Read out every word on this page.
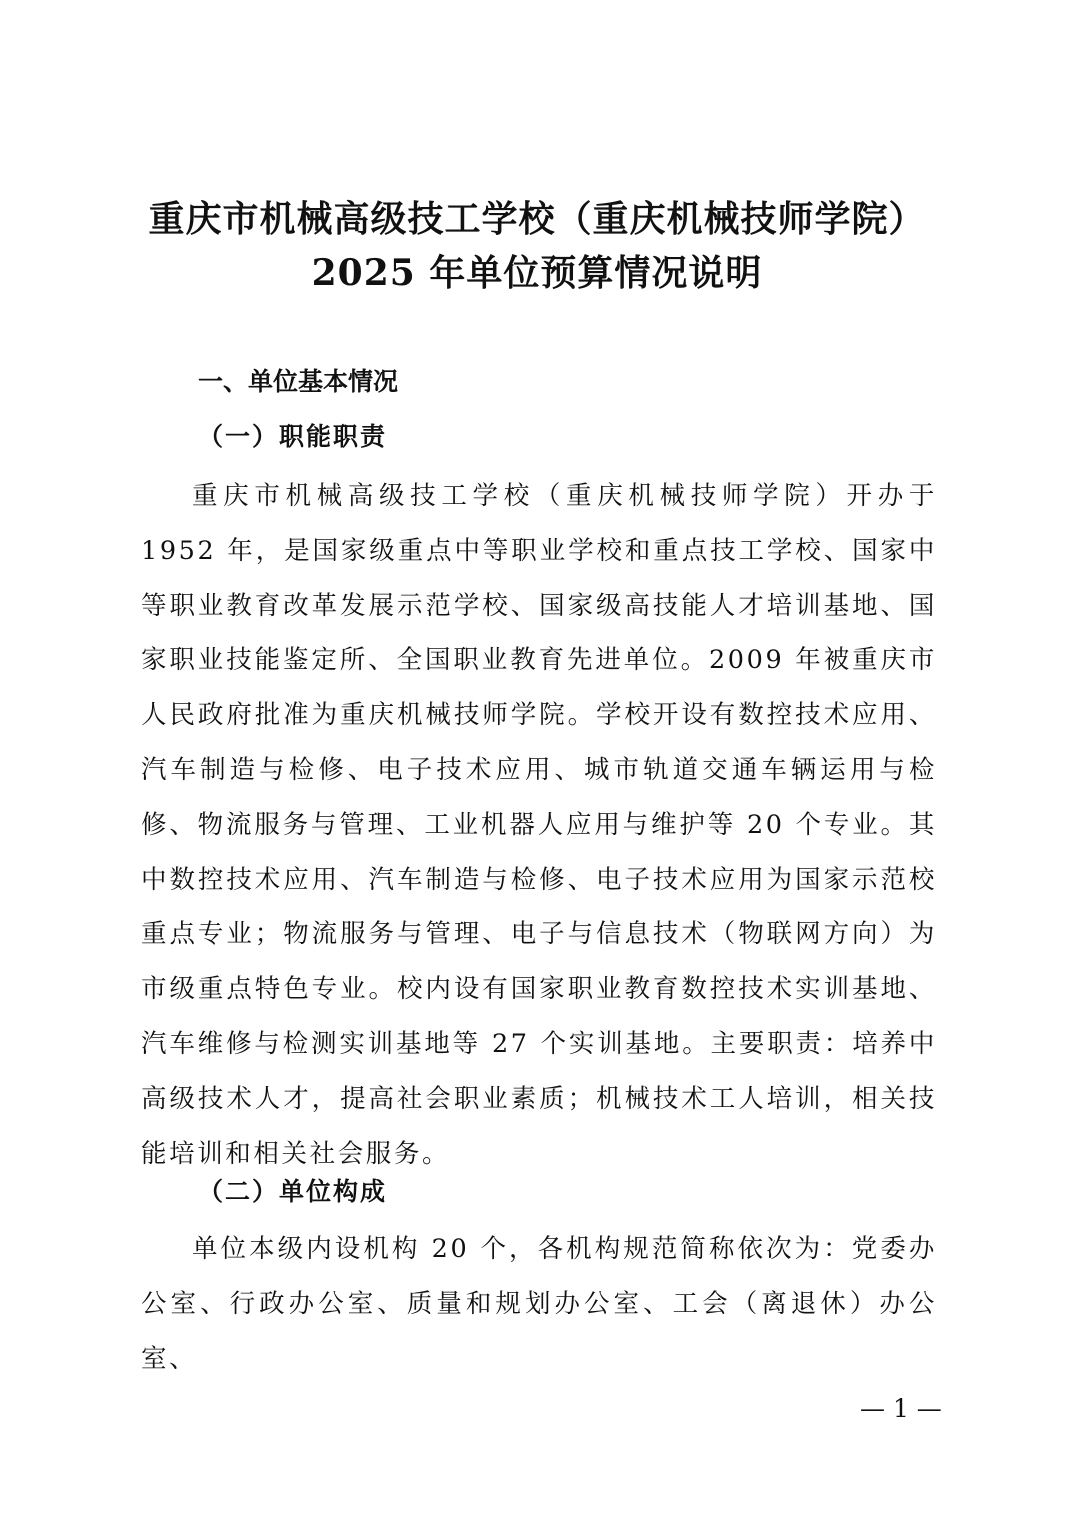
重庆市机械高级技工学校（重庆机械技师学院）
2025 年单位预算情况说明
一、单位基本情况
（一）职能职责
重庆市机械高级技工学校（重庆机械技师学院）开办于 1952 年，是国家级重点中等职业学校和重点技工学校、国家中等职业教育改革发展示范学校、国家级高技能人才培训基地、国家职业技能鉴定所、全国职业教育先进单位。2009 年被重庆市人民政府批准为重庆机械技师学院。学校开设有数控技术应用、汽车制造与检修、电子技术应用、城市轨道交通车辆运用与检修、物流服务与管理、工业机器人应用与维护等 20 个专业。其中数控技术应用、汽车制造与检修、电子技术应用为国家示范校重点专业；物流服务与管理、电子与信息技术（物联网方向）为市级重点特色专业。校内设有国家职业教育数控技术实训基地、汽车维修与检测实训基地等 27 个实训基地。主要职责：培养中高级技术人才，提高社会职业素质；机械技术工人培训，相关技能培训和相关社会服务。
（二）单位构成
单位本级内设机构 20 个，各机构规范简称依次为：党委办公室、行政办公室、质量和规划办公室、工会（离退休）办公室、
— 1 —
